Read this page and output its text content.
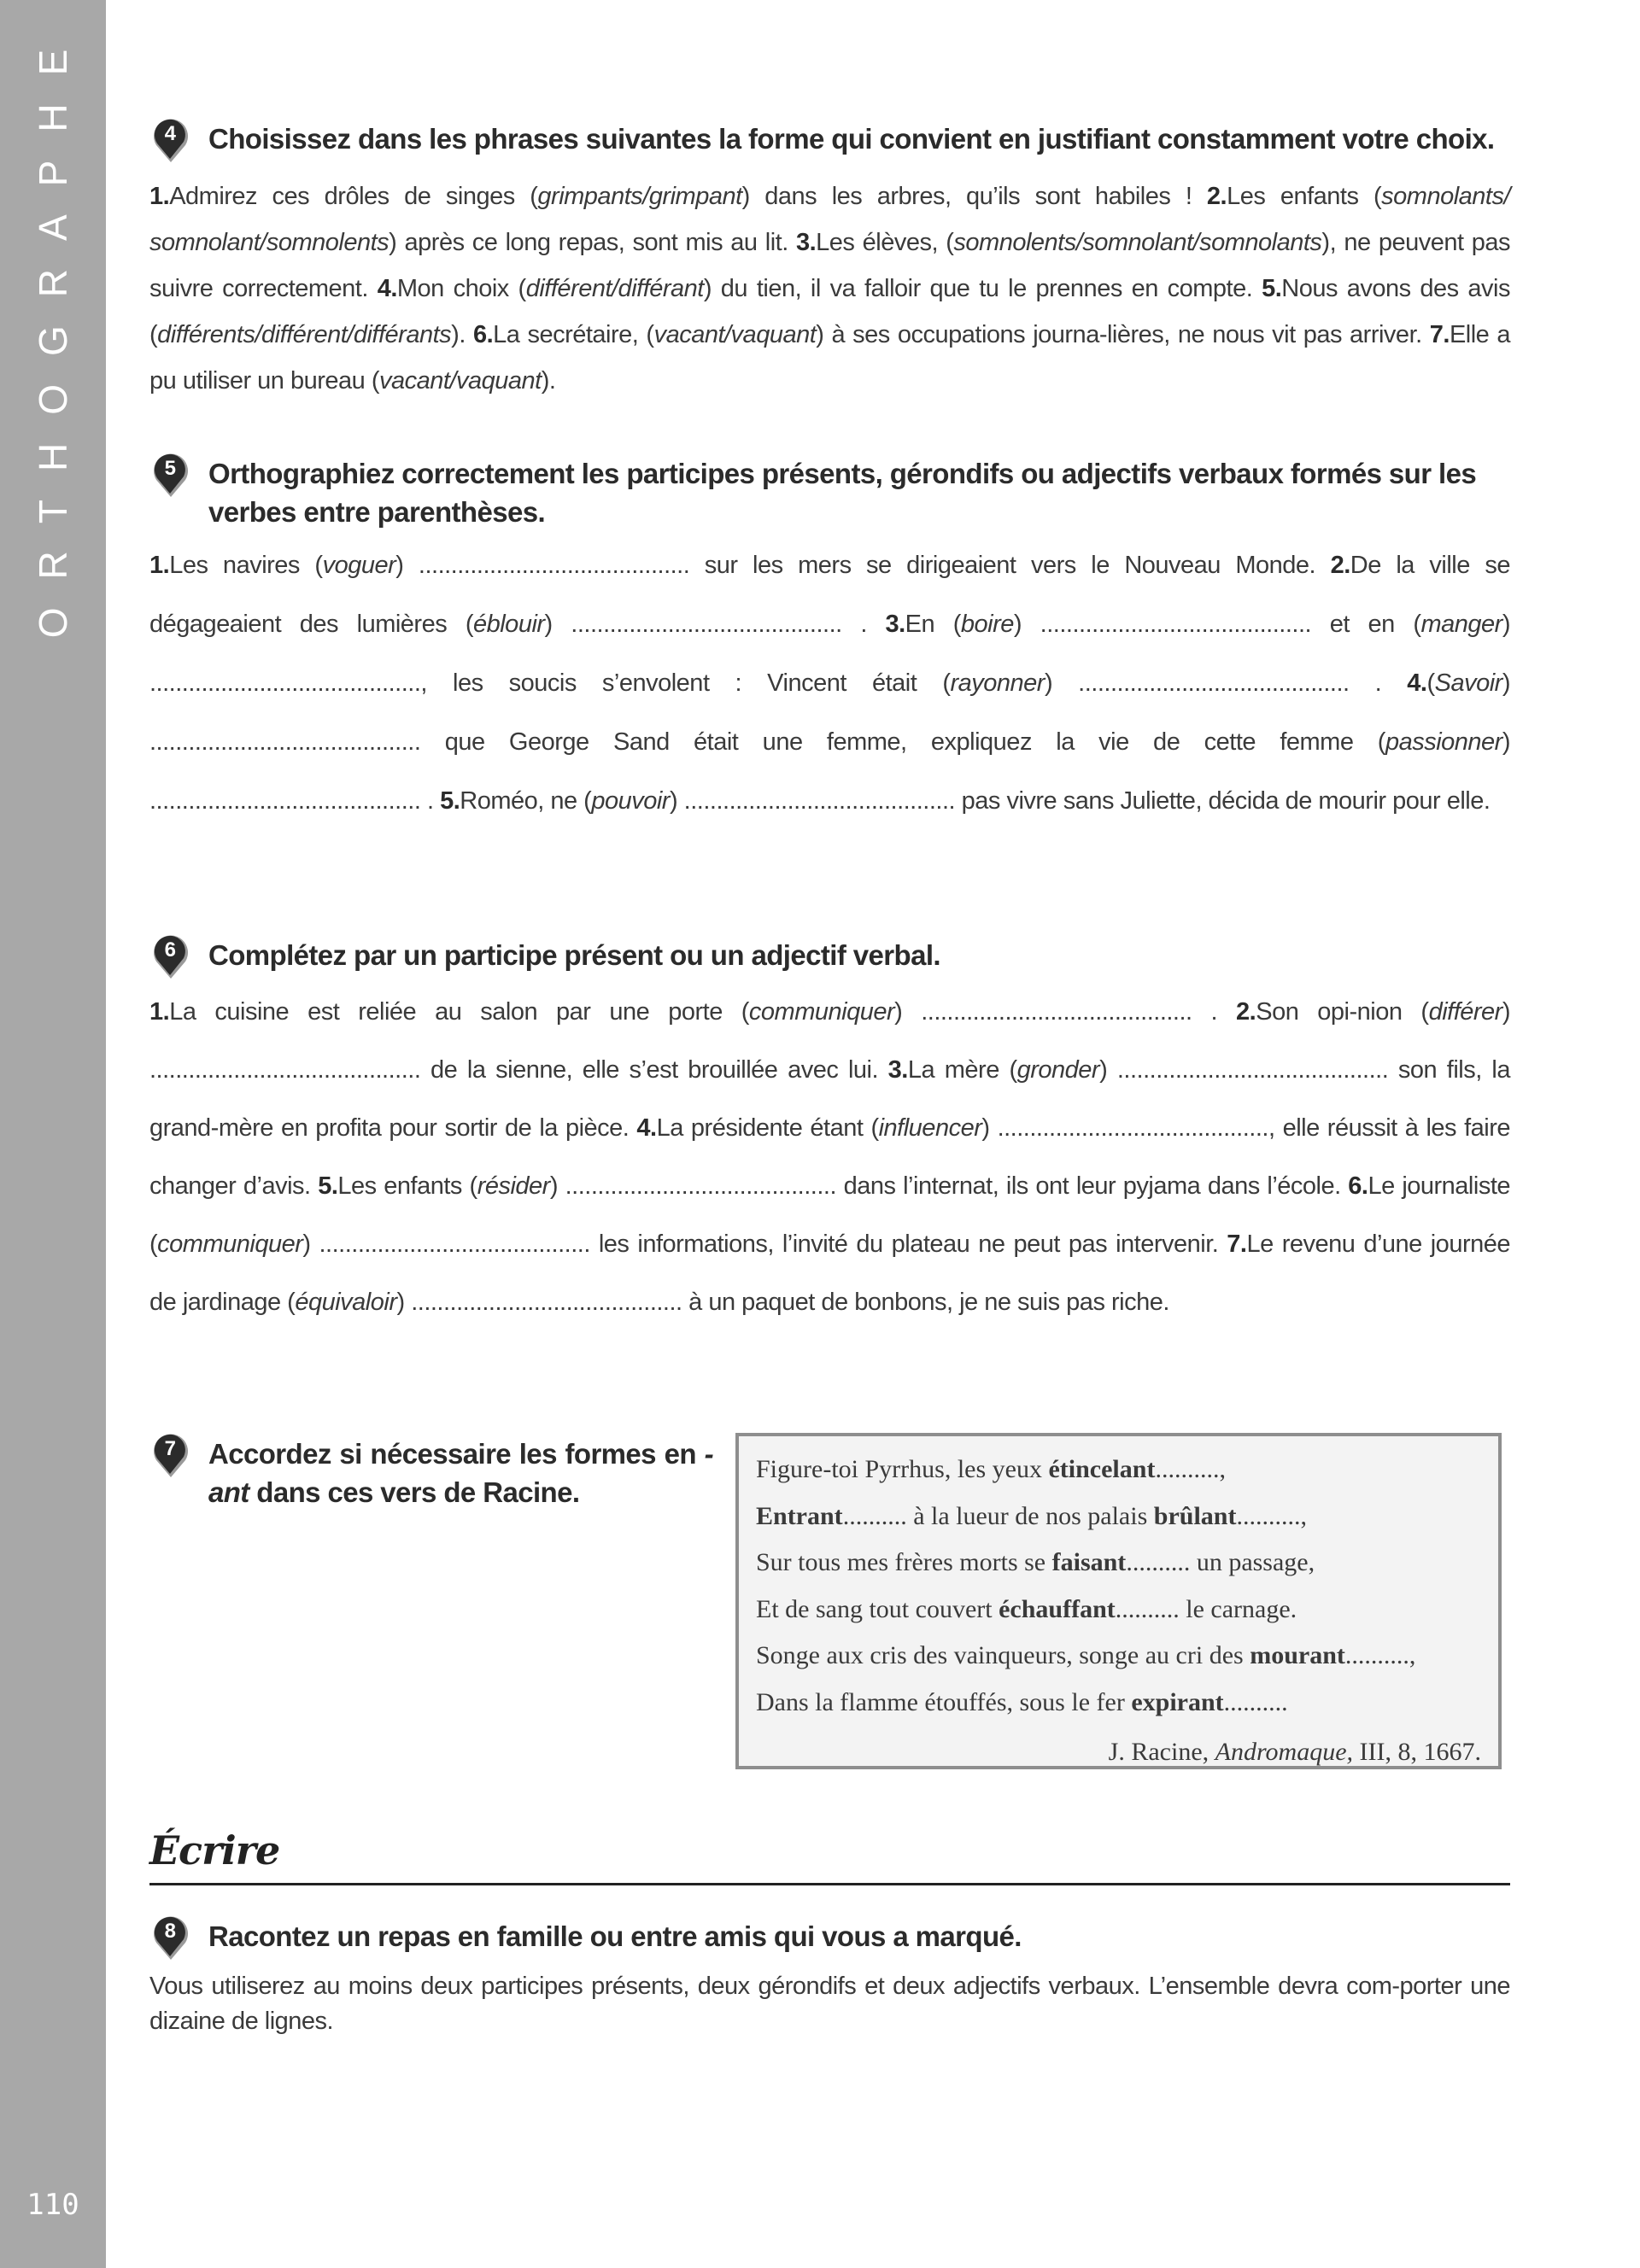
ORTHOGRAPHE
110
4 Choisissez dans les phrases suivantes la forme qui convient en justifiant constamment votre choix.
1.Admirez ces drôles de singes (grimpants/grimpant) dans les arbres, qu’ils sont habiles ! 2.Les enfants (somnolants/ somnolant/somnolents) après ce long repas, sont mis au lit. 3.Les élèves, (somnolents/somnolant/somnolants), ne peuvent pas suivre correctement. 4.Mon choix (différent/différant) du tien, il va falloir que tu le prennes en compte. 5.Nous avons des avis (différents/différent/différants). 6.La secrétaire, (vacant/vaquant) à ses occupations journa-lières, ne nous vit pas arriver. 7.Elle a pu utiliser un bureau (vacant/vaquant).
5 Orthographiez correctement les participes présents, gérondifs ou adjectifs verbaux formés sur les verbes entre parenthèses.
1.Les navires (voguer) .......................................... sur les mers se dirigeaient vers le Nouveau Monde. 2.De la ville se dégageaient des lumières (éblouir) .......................................... . 3.En (boire) .......................................... et en (manger) .........................................., les soucis s’envolent : Vincent était (rayonner) .......................................... . 4.(Savoir) .......................................... que George Sand était une femme, expliquez la vie de cette femme (passionner) .......................................... . 5.Roméo, ne (pouvoir) .......................................... pas vivre sans Juliette, décida de mourir pour elle.
6 Complétez par un participe présent ou un adjectif verbal.
1.La cuisine est reliée au salon par une porte (communiquer) .......................................... . 2.Son opi-nion (différer) .......................................... de la sienne, elle s’est brouillée avec lui. 3.La mère (gronder) .......................................... son fils, la grand-mère en profita pour sortir de la pièce. 4.La présidente étant (influencer) .........................................., elle réussit à les faire changer d’avis. 5.Les enfants (résider) .......................................... dans l’internat, ils ont leur pyjama dans l’école. 6.Le journaliste (communiquer) .......................................... les informations, l’invité du plateau ne peut pas intervenir. 7.Le revenu d’une journée de jardinage (équivaloir) .......................................... à un paquet de bonbons, je ne suis pas riche.
7 Accordez si nécessaire les formes en -ant dans ces vers de Racine.
Figure-toi Pyrrhus, les yeux étincelant..........,
Entrant.......... à la lueur de nos palais brûlant..........,
Sur tous mes frères morts se faisant.......... un passage,
Et de sang tout couvert échauffant.......... le carnage.
Songe aux cris des vainqueurs, songe au cri des mourant..........,
Dans la flamme étouffés, sous le fer expirant..........
J. Racine, Andromaque, III, 8, 1667.
Écrire
8 Racontez un repas en famille ou entre amis qui vous a marqué.
Vous utiliserez au moins deux participes présents, deux gérondifs et deux adjectifs verbaux. L’ensemble devra com-porter une dizaine de lignes.
